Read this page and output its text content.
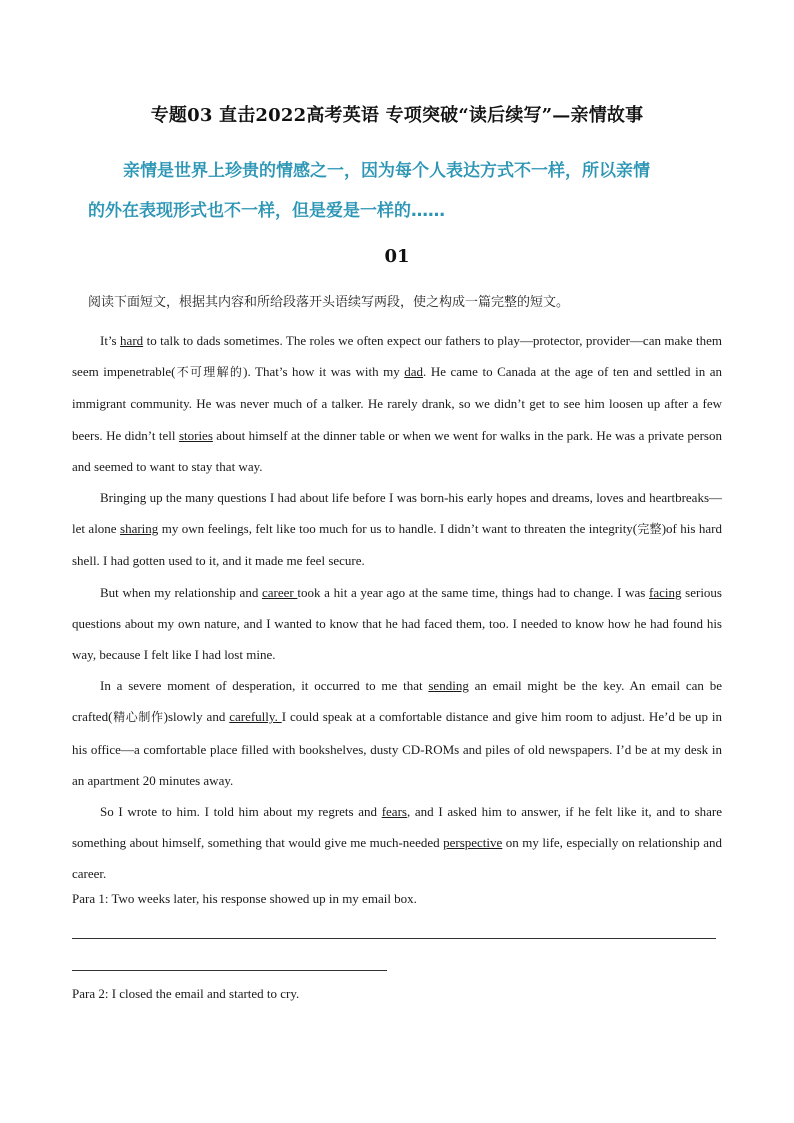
专题03 直击2022高考英语 专项突破“读后续写”—亲情故事
亲情是世界上珍贵的情感之一，因为每个人表达方式不一样，所以亲情
的外在表现形式也不一样，但是爱是一样的……
01
阅读下面短文，根据其内容和所给段落开头语续写两段，使之构成一篇完整的短文。

It’s hard to talk to dads sometimes. The roles we often expect our fathers to play—protector, provider—can make them seem impenetrable(不可理解的). That’s how it was with my dad. He came to Canada at the age of ten and settled in an immigrant community. He was never much of a talker. He rarely drank, so we didn’t get to see him loosen up after a few beers. He didn’t tell stories about himself at the dinner table or when we went for walks in the park. He was a private person and seemed to want to stay that way.

Bringing up the many questions I had about life before I was born-his early hopes and dreams, loves and heartbreaks—let alone sharing my own feelings, felt like too much for us to handle. I didn’t want to threaten the integrity(完整)of his hard shell. I had gotten used to it, and it made me feel secure.

But when my relationship and career took a hit a year ago at the same time, things had to change. I was facing serious questions about my own nature, and I wanted to know that he had faced them, too. I needed to know how he had found his way, because I felt like I had lost mine.

In a severe moment of desperation, it occurred to me that sending an email might be the key. An email can be crafted(精心制作)slowly and carefully. I could speak at a comfortable distance and give him room to adjust. He’d be up in his office—a comfortable place filled with bookshelves, dusty CD-ROMs and piles of old newspapers. I’d be at my desk in an apartment 20 minutes away.

So I wrote to him. I told him about my regrets and fears, and I asked him to answer, if he felt like it, and to share something about himself, something that would give me much-needed perspective on my life, especially on relationship and career.

Para 1: Two weeks later, his response showed up in my email box.
Para 2: I closed the email and started to cry.
